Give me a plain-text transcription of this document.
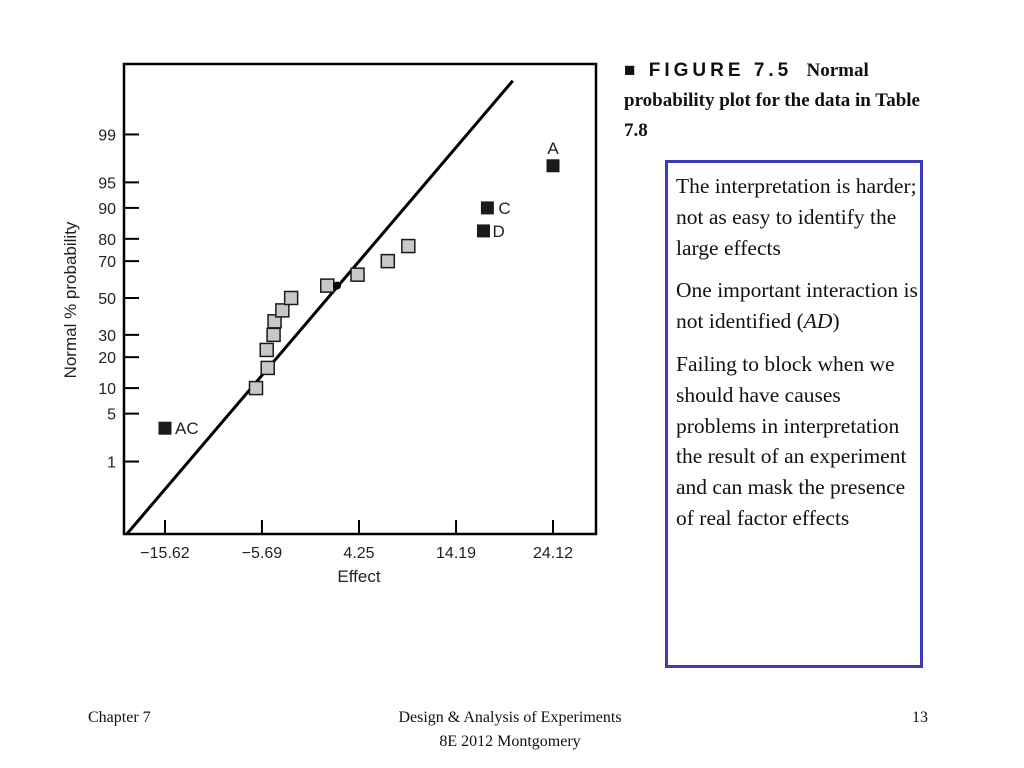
1
5
10
20
30
50
70
80
90
95
99
−15.62	−5.69	4.25	14.19	24.12
A
C
D
AC
Normal % probability
Effect
■ FIGURE 7.5 Normal probability plot for the data in Table 7.8

The interpretation is harder; not as easy to identify the large effects

One important interaction is not identified (AD)

Failing to block when we should have causes problems in interpretation the result of an experiment and can mask the presence of real factor effects

Chapter 7	Design & Analysis of Experiments
8E 2012 Montgomery
13
